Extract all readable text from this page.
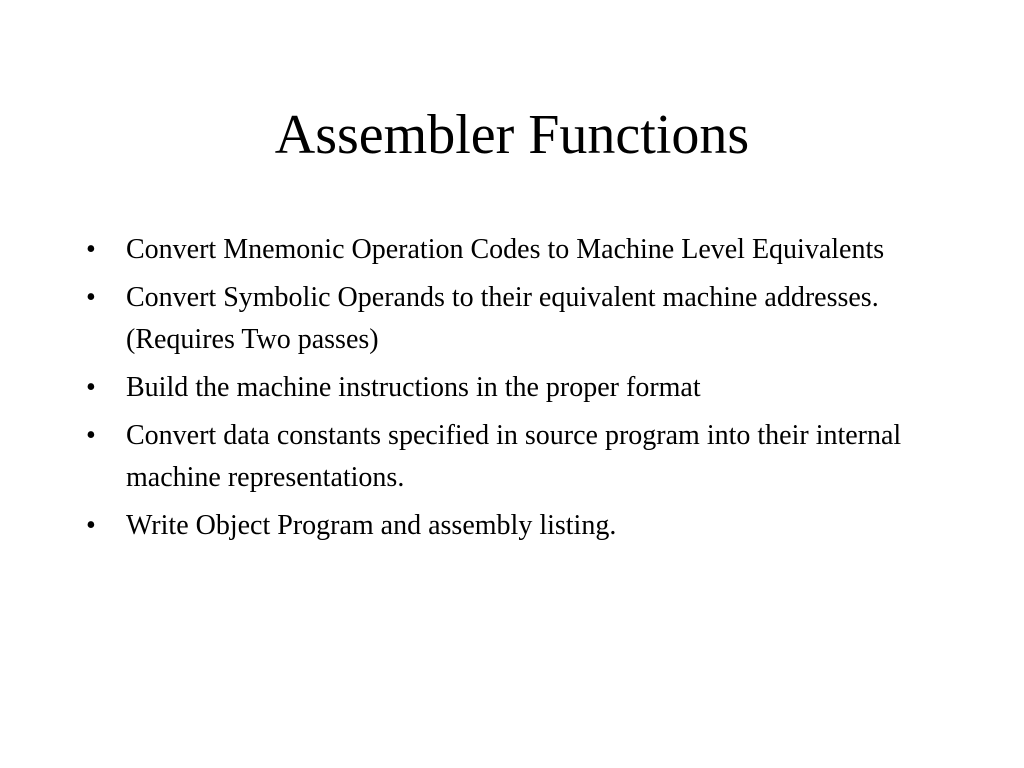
Assembler Functions
•	Convert Mnemonic Operation Codes to Machine Level Equivalents
•	Convert Symbolic Operands to their equivalent machine addresses. (Requires Two passes)
•	Build the machine instructions in the proper format
•	Convert data constants specified in source program into their internal machine representations.
•	Write Object Program and assembly listing.
